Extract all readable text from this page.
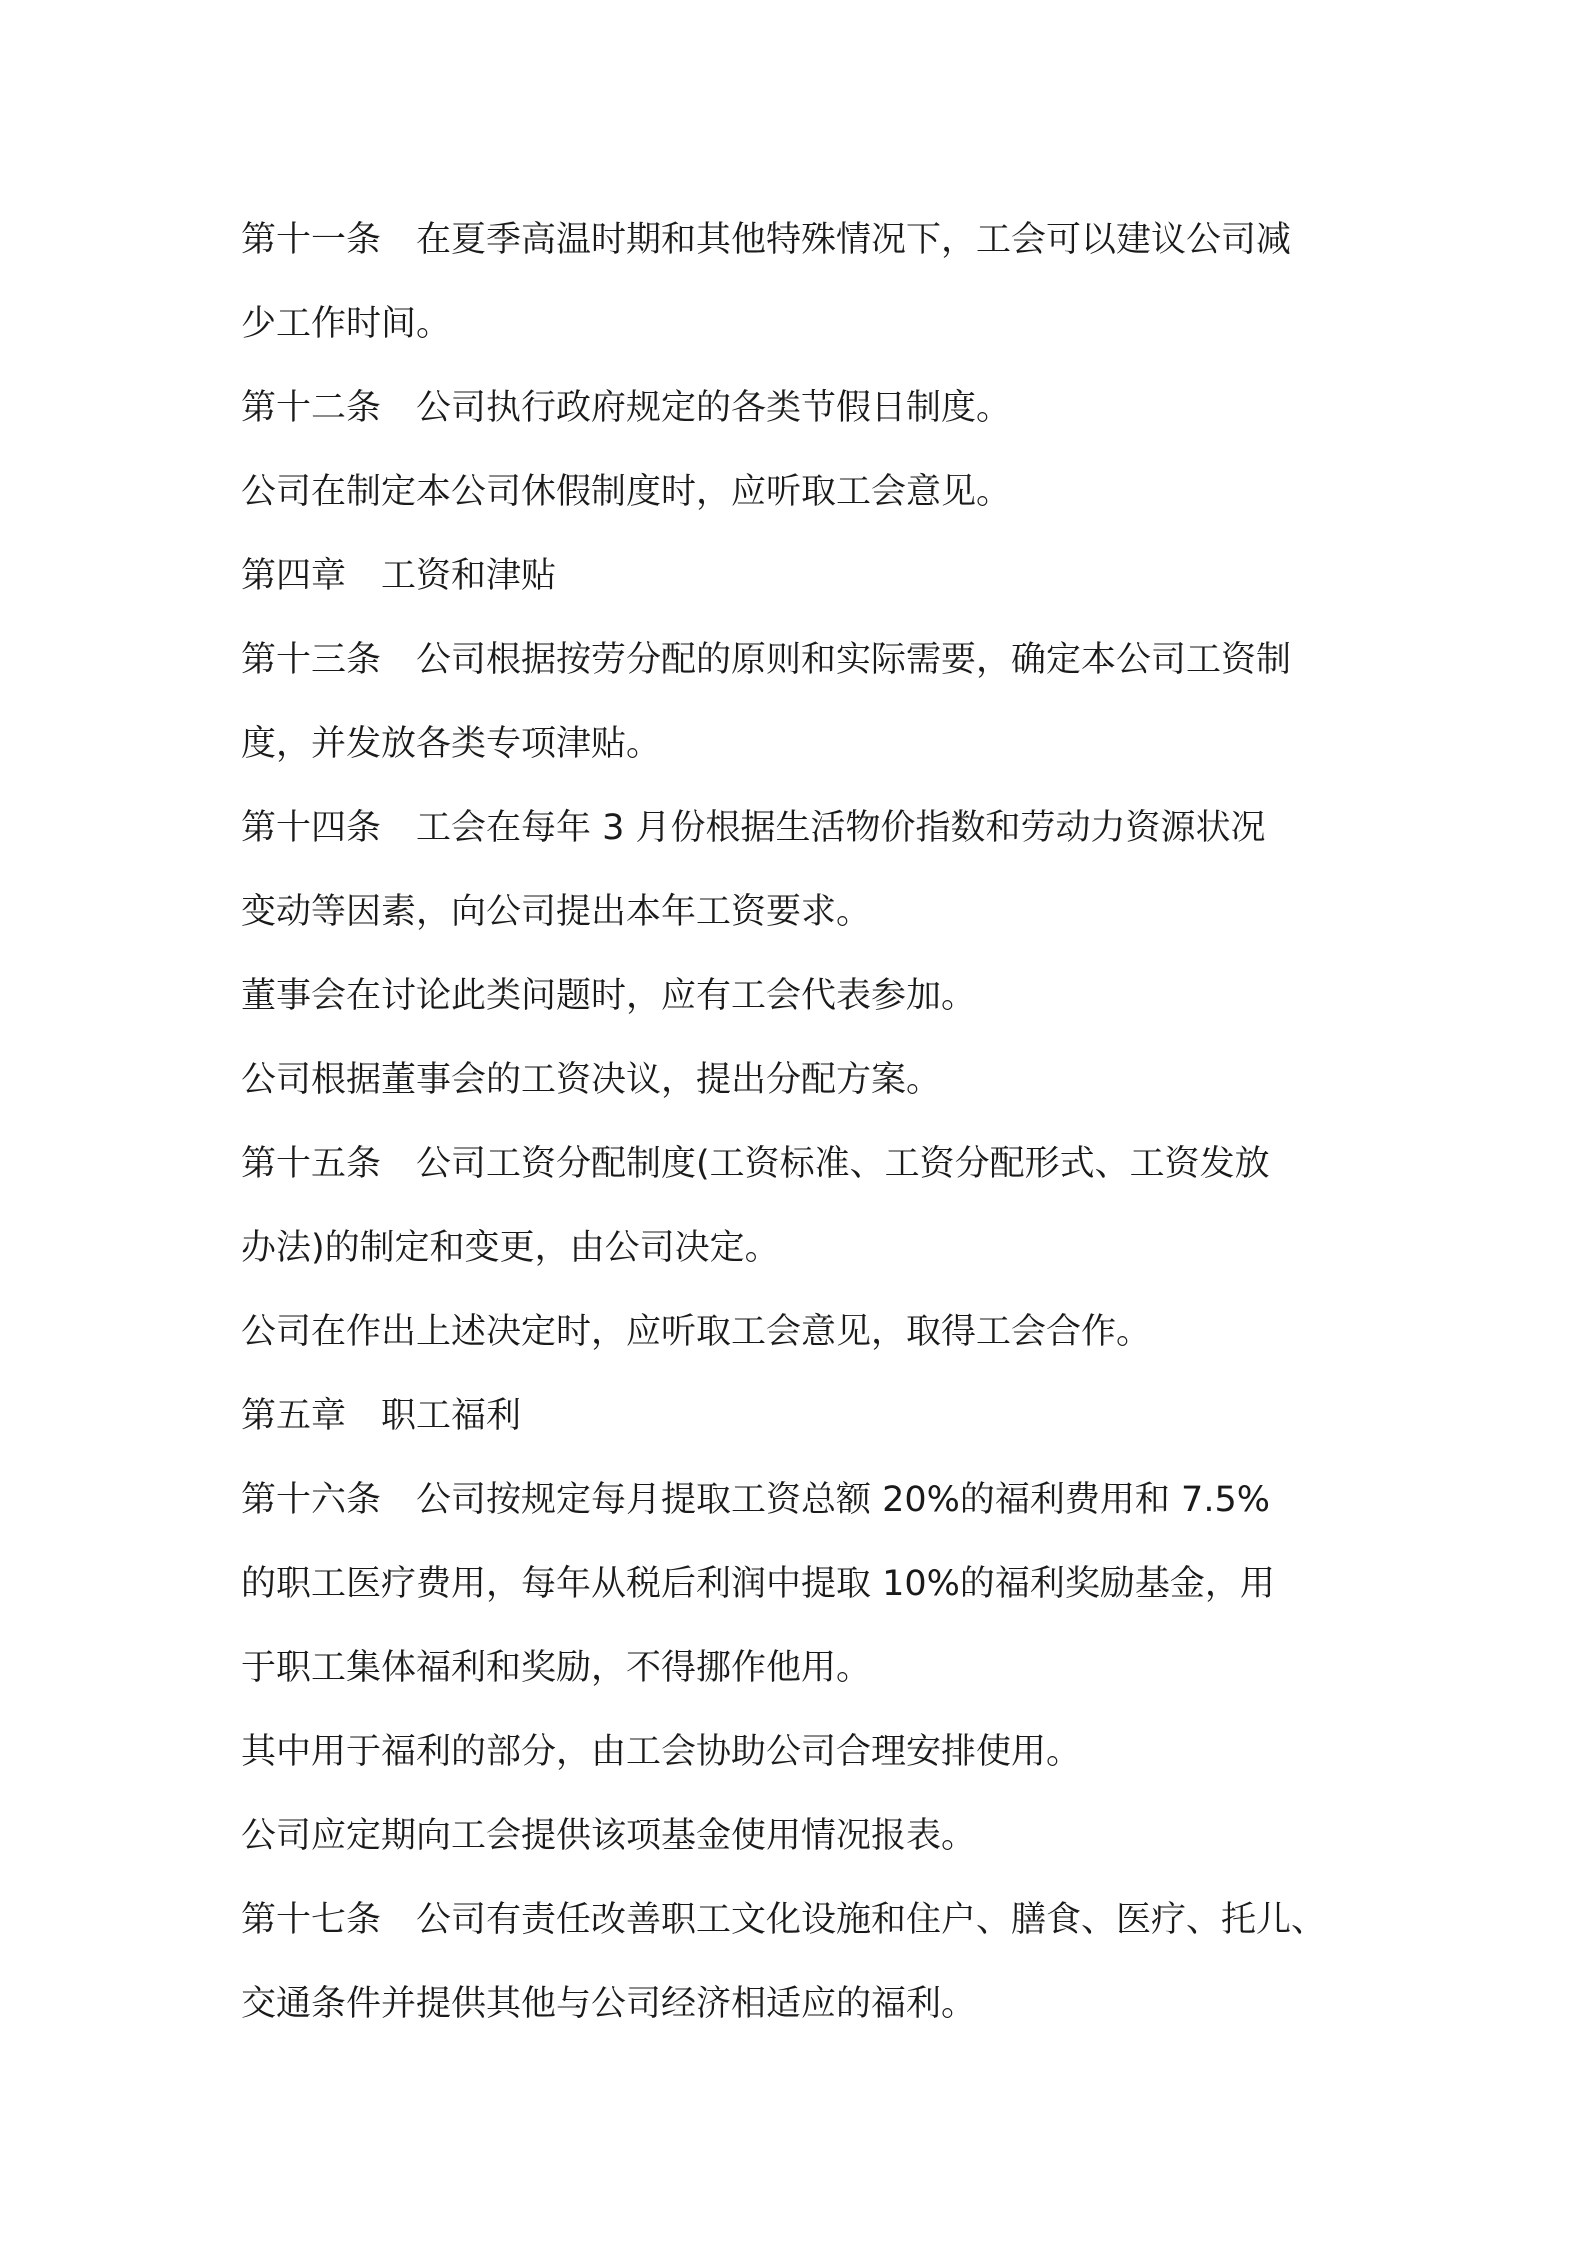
第十一条　在夏季高温时期和其他特殊情况下，工会可以建议公司减

少工作时间。

第十二条　公司执行政府规定的各类节假日制度。

公司在制定本公司休假制度时，应听取工会意见。

第四章　工资和津贴

第十三条　公司根据按劳分配的原则和实际需要，确定本公司工资制

度，并发放各类专项津贴。

第十四条　工会在每年 3 月份根据生活物价指数和劳动力资源状况

变动等因素，向公司提出本年工资要求。

董事会在讨论此类问题时，应有工会代表参加。

公司根据董事会的工资决议，提出分配方案。

第十五条　公司工资分配制度(工资标准、工资分配形式、工资发放

办法)的制定和变更，由公司决定。

公司在作出上述决定时，应听取工会意见，取得工会合作。

第五章　职工福利

第十六条　公司按规定每月提取工资总额 20%的福利费用和 7.5%

的职工医疗费用，每年从税后利润中提取 10%的福利奖励基金，用

于职工集体福利和奖励，不得挪作他用。

其中用于福利的部分，由工会协助公司合理安排使用。

公司应定期向工会提供该项基金使用情况报表。

第十七条　公司有责任改善职工文化设施和住户、膳食、医疗、托儿、

交通条件并提供其他与公司经济相适应的福利。
